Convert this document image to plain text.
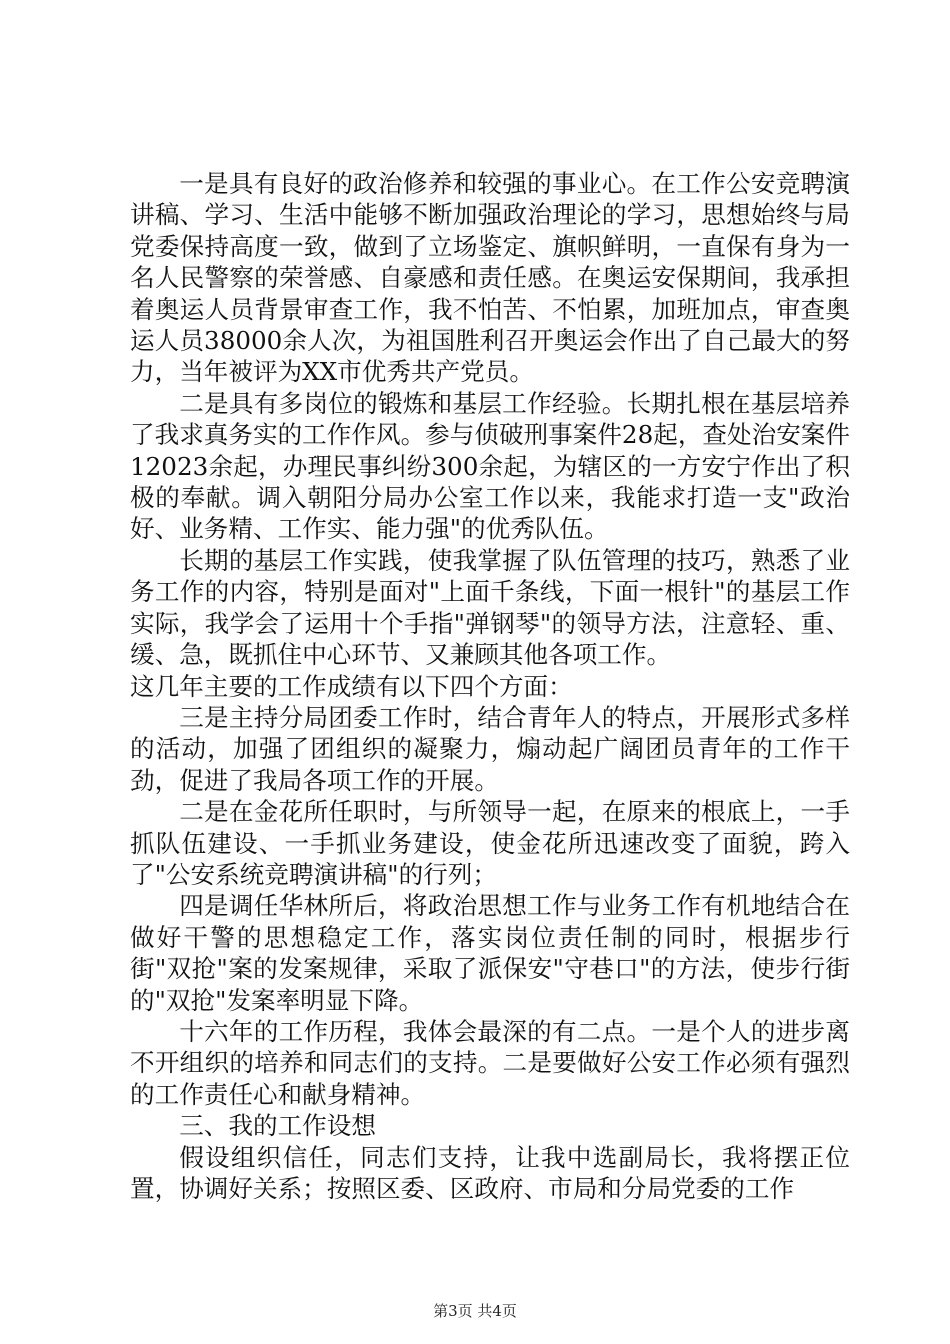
一是具有良好的政治修养和较强的事业心。在工作公安竞聘演讲稿、学习、生活中能够不断加强政治理论的学习，思想始终与局党委保持高度一致，做到了立场鉴定、旗帜鲜明，一直保有身为一名人民警察的荣誉感、自豪感和责任感。在奥运安保期间，我承担着奥运人员背景审查工作，我不怕苦、不怕累，加班加点，审查奥运人员38000余人次，为祖国胜利召开奥运会作出了自己最大的努力，当年被评为XX市优秀共产党员。

二是具有多岗位的锻炼和基层工作经验。长期扎根在基层培养了我求真务实的工作作风。参与侦破刑事案件28起，查处治安案件12023余起，办理民事纠纷300余起，为辖区的一方安宁作出了积极的奉献。调入朝阳分局办公室工作以来，我能求打造一支"政治好、业务精、工作实、能力强"的优秀队伍。

长期的基层工作实践，使我掌握了队伍管理的技巧，熟悉了业务工作的内容，特别是面对"上面千条线，下面一根针"的基层工作实际，我学会了运用十个手指"弹钢琴"的领导方法，注意轻、重、缓、急，既抓住中心环节、又兼顾其他各项工作。

这几年主要的工作成绩有以下四个方面：

三是主持分局团委工作时，结合青年人的特点，开展形式多样的活动，加强了团组织的凝聚力，煽动起广阔团员青年的工作干劲，促进了我局各项工作的开展。

二是在金花所任职时，与所领导一起，在原来的根底上，一手抓队伍建设、一手抓业务建设，使金花所迅速改变了面貌，跨入了"公安系统竞聘演讲稿"的行列；

四是调任华林所后，将政治思想工作与业务工作有机地结合在做好干警的思想稳定工作，落实岗位责任制的同时，根据步行街"双抢"案的发案规律，采取了派保安"守巷口"的方法，使步行街的"双抢"发案率明显下降。

十六年的工作历程，我体会最深的有二点。一是个人的进步离不开组织的培养和同志们的支持。二是要做好公安工作必须有强烈的工作责任心和献身精神。

三、我的工作设想

假设组织信任，同志们支持，让我中选副局长，我将摆正位置，协调好关系；按照区委、区政府、市局和分局党委的工作

第3页 共4页
